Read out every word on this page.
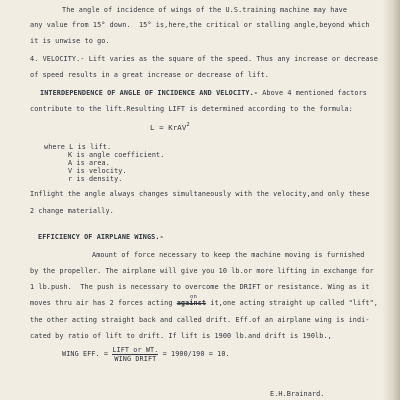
The angle of incidence of wings of the U.S.training machine may have
any value from 15° down.  15° is,here,the critical or stalling angle,beyond which
it is unwise to go.
4. VELOCITY.- Lift varies as the square of the speed. Thus any increase or decrease
of speed results in a great increase or decrease of lift.
INTERDEPENDENCE OF ANGLE OF INCIDENCE AND VELOCITY.- Above 4 mentioned factors
contribute to the lift.Resulting LIFT is determined according to the formula:
L = KrAV$^2$
where L is lift.
K is angle coefficient.
A is area.
V is velocity.
r is density.
Inflight the angle always changes simultaneously with the velocity,and only these
2 change materially.
EFFICIENCY OF AIRPLANE WINGS.-
Amount of force necessary to keep the machine moving is furnished
by the propeller. The airplane will give you 10 lb.or more lifting in exchange for
1 lb.push.  The push is necessary to overcome the DRIFT or resistance. Wing as it
on
moves thru air has 2 forces acting against it,one acting straight up called "lift",
the other acting straight back and called drift. Eff.of an airplane wing is indi-
cated by ratio of lift to drift. If lift is 1900 lb.and drift is 190lb.,
WING EFF. = LIFT or WT.
WING DRIFT
= 1900/190 = 10.
E.H.Brainard.
